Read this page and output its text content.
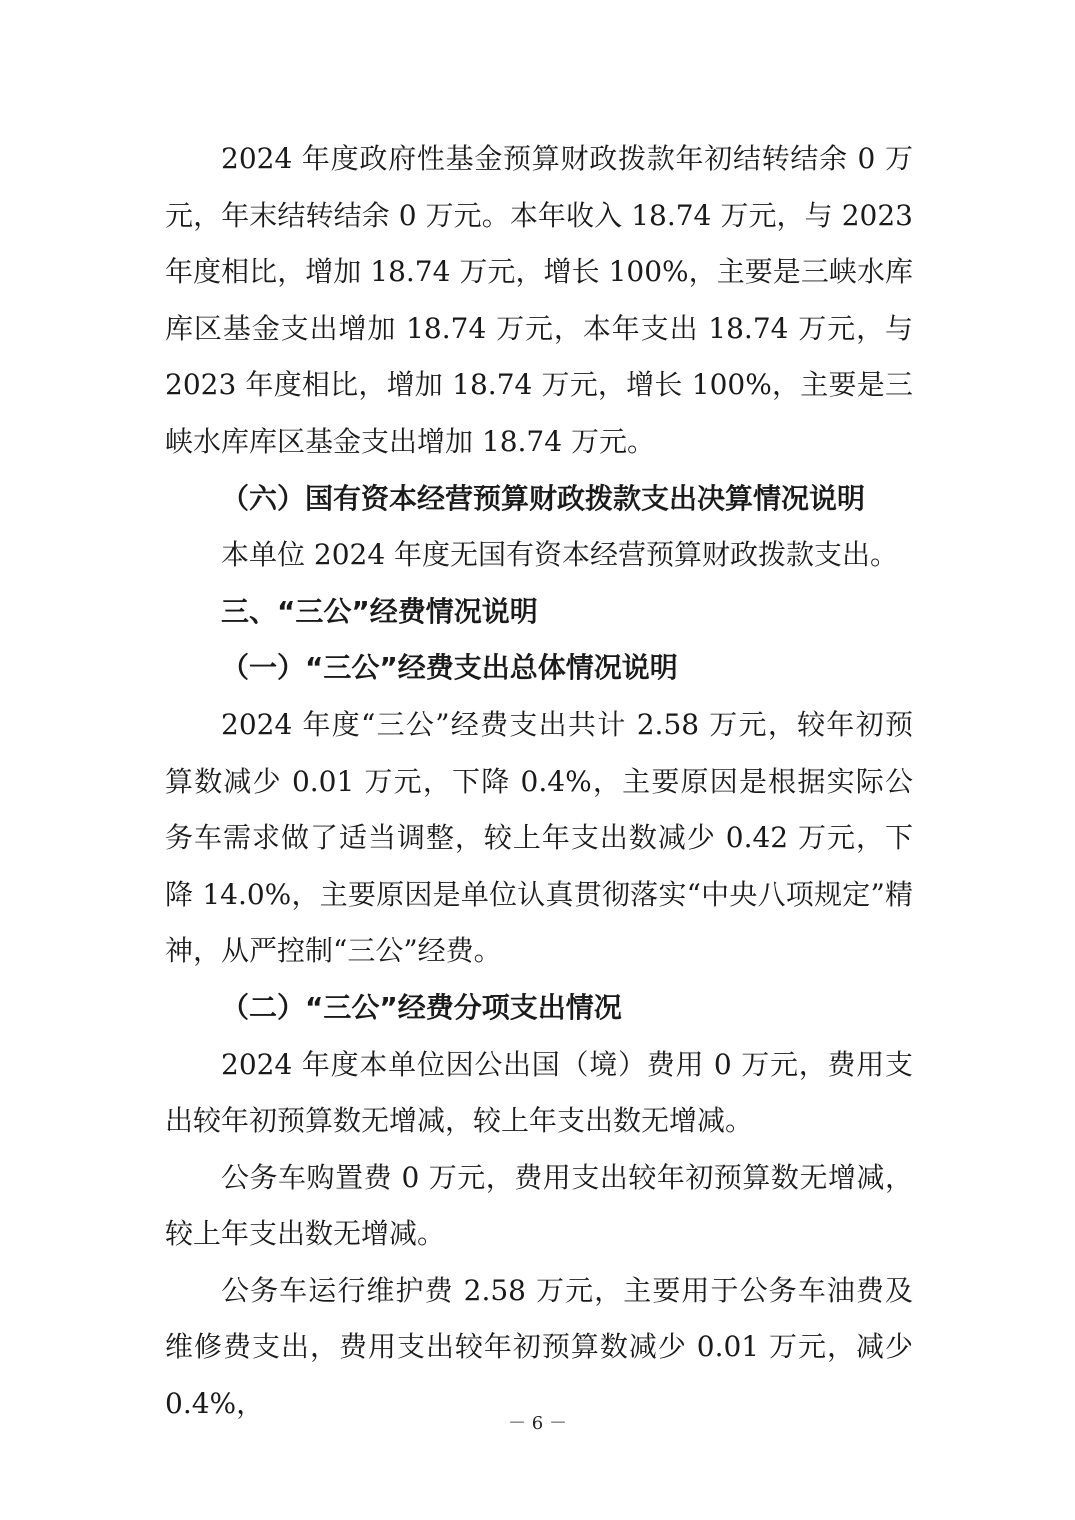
2024 年度政府性基金预算财政拨款年初结转结余 0 万元，年末结转结余 0 万元。本年收入 18.74 万元，与 2023 年度相比，增加 18.74 万元，增长 100%，主要是三峡水库库区基金支出增加 18.74 万元，本年支出 18.74 万元，与 2023 年度相比，增加 18.74 万元，增长 100%，主要是三峡水库库区基金支出增加 18.74 万元。

（六）国有资本经营预算财政拨款支出决算情况说明

本单位 2024 年度无国有资本经营预算财政拨款支出。

三、“三公”经费情况说明

（一）“三公”经费支出总体情况说明

2024 年度“三公”经费支出共计 2.58 万元，较年初预算数减少 0.01 万元，下降 0.4%，主要原因是根据实际公务车需求做了适当调整，较上年支出数减少 0.42 万元，下降 14.0%，主要原因是单位认真贯彻落实“中央八项规定”精神，从严控制“三公”经费。

（二）“三公”经费分项支出情况

2024 年度本单位因公出国（境）费用 0 万元，费用支出较年初预算数无增减，较上年支出数无增减。

公务车购置费 0 万元，费用支出较年初预算数无增减，较上年支出数无增减。

公务车运行维护费 2.58 万元，主要用于公务车油费及维修费支出，费用支出较年初预算数减少 0.01 万元，减少 0.4%，

－ 6 －
